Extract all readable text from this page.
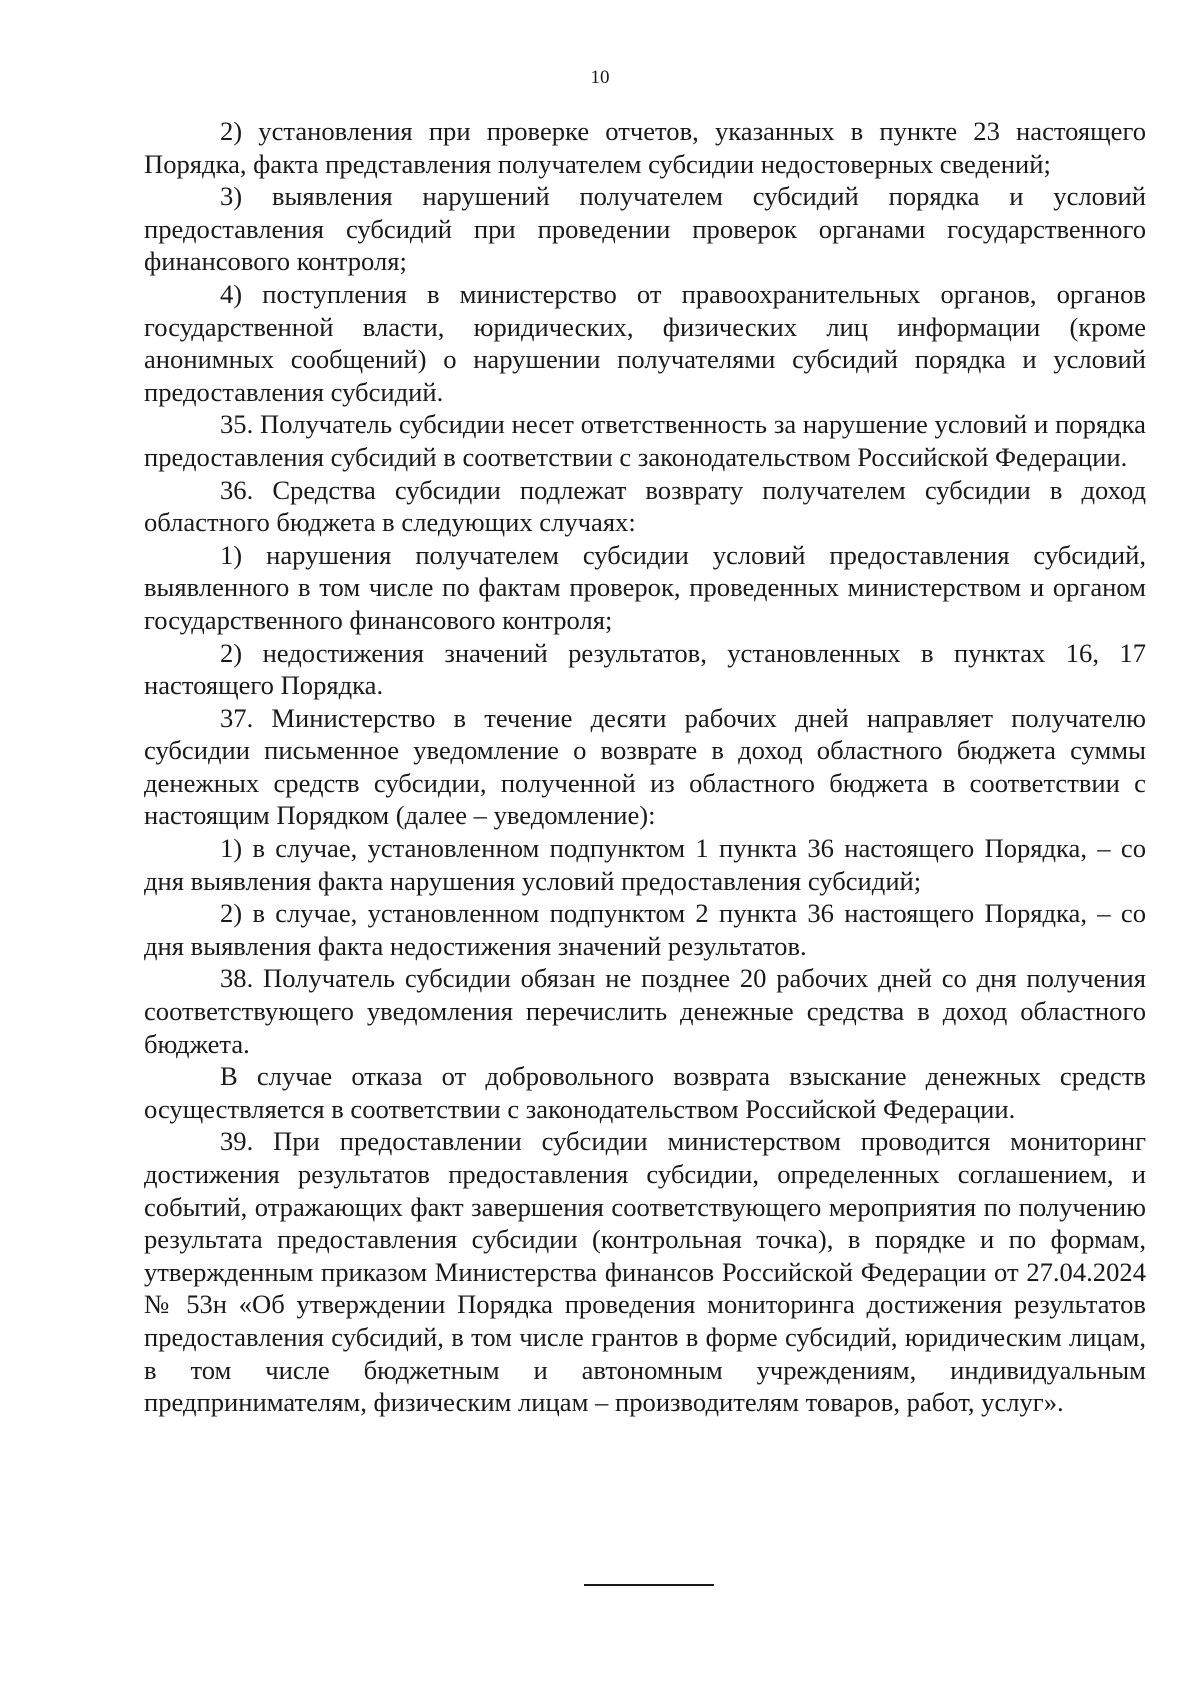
10

2) установления при проверке отчетов, указанных в пункте 23 настоящего Порядка, факта представления получателем субсидии недостоверных сведений;

3) выявления нарушений получателем субсидий порядка и условий предоставления субсидий при проведении проверок органами государственного финансового контроля;

4) поступления в министерство от правоохранительных органов, органов государственной власти, юридических, физических лиц информации (кроме анонимных сообщений) о нарушении получателями субсидий порядка и условий предоставления субсидий.

35. Получатель субсидии несет ответственность за нарушение условий и порядка предоставления субсидий в соответствии с законодательством Российской Федерации.

36. Средства субсидии подлежат возврату получателем субсидии в доход областного бюджета в следующих случаях:

1) нарушения получателем субсидии условий предоставления субсидий, выявленного в том числе по фактам проверок, проведенных министерством и органом государственного финансового контроля;

2) недостижения значений результатов, установленных в пунктах 16, 17 настоящего Порядка.

37. Министерство в течение десяти рабочих дней направляет получателю субсидии письменное уведомление о возврате в доход областного бюджета суммы денежных средств субсидии, полученной из областного бюджета в соответствии с настоящим Порядком (далее – уведомление):

1) в случае, установленном подпунктом 1 пункта 36 настоящего Порядка, – со дня выявления факта нарушения условий предоставления субсидий;

2) в случае, установленном подпунктом 2 пункта 36 настоящего Порядка, – со дня выявления факта недостижения значений результатов.

38. Получатель субсидии обязан не позднее 20 рабочих дней со дня получения соответствующего уведомления перечислить денежные средства в доход областного бюджета.

В случае отказа от добровольного возврата взыскание денежных средств осуществляется в соответствии с законодательством Российской Федерации.

39. При предоставлении субсидии министерством проводится мониторинг достижения результатов предоставления субсидии, определенных соглашением, и событий, отражающих факт завершения соответствующего мероприятия по получению результата предоставления субсидии (контрольная точка), в порядке и по формам, утвержденным приказом Министерства финансов Российской Федерации от 27.04.2024 № 53н «Об утверждении Порядка проведения мониторинга достижения результатов предоставления субсидий, в том числе грантов в форме субсидий, юридическим лицам, в том числе бюджетным и автономным учреждениям, индивидуальным предпринимателям, физическим лицам – производителям товаров, работ, услуг».
